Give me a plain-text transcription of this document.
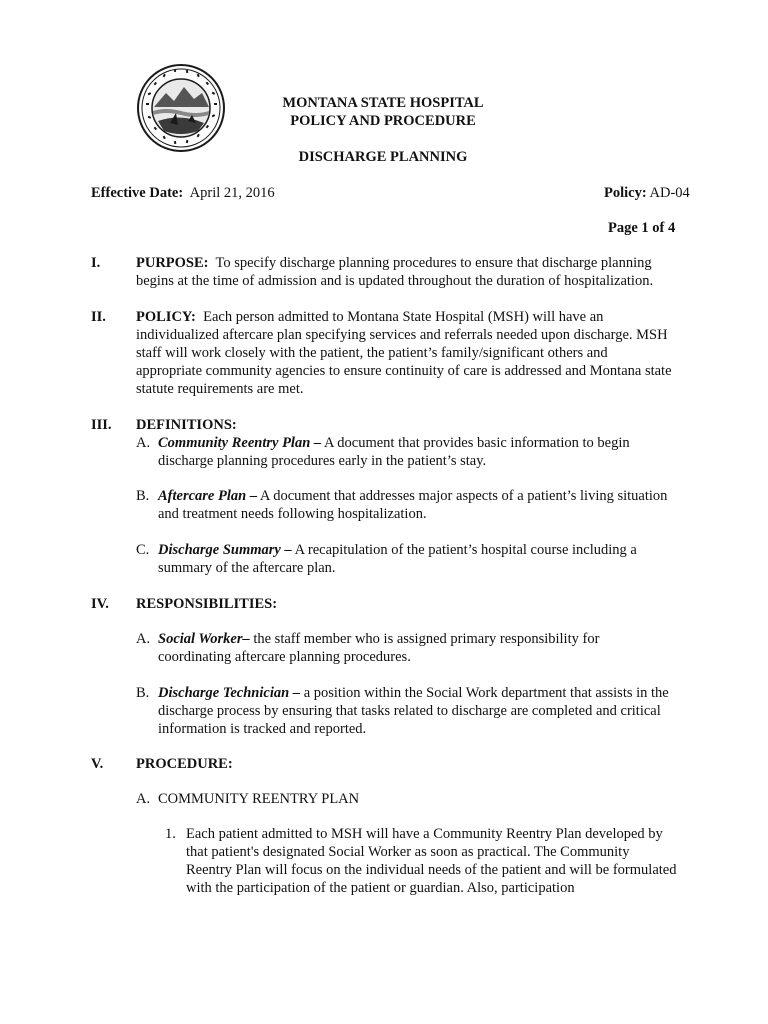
MONTANA STATE HOSPITAL
POLICY AND PROCEDURE
DISCHARGE PLANNING
Effective Date: April 21, 2016	Policy: AD-04
Page 1 of 4
I. PURPOSE: To specify discharge planning procedures to ensure that discharge planning begins at the time of admission and is updated throughout the duration of hospitalization.
II. POLICY: Each person admitted to Montana State Hospital (MSH) will have an individualized aftercare plan specifying services and referrals needed upon discharge. MSH staff will work closely with the patient, the patient’s family/significant others and appropriate community agencies to ensure continuity of care is addressed and Montana state statute requirements are met.
III. DEFINITIONS:
A. Community Reentry Plan – A document that provides basic information to begin discharge planning procedures early in the patient’s stay.
B. Aftercare Plan – A document that addresses major aspects of a patient’s living situation and treatment needs following hospitalization.
C. Discharge Summary – A recapitulation of the patient’s hospital course including a summary of the aftercare plan.
IV. RESPONSIBILITIES:
A. Social Worker– the staff member who is assigned primary responsibility for coordinating aftercare planning procedures.
B. Discharge Technician – a position within the Social Work department that assists in the discharge process by ensuring that tasks related to discharge are completed and critical information is tracked and reported.
V. PROCEDURE:
A. COMMUNITY REENTRY PLAN
1. Each patient admitted to MSH will have a Community Reentry Plan developed by that patient's designated Social Worker as soon as practical. The Community Reentry Plan will focus on the individual needs of the patient and will be formulated with the participation of the patient or guardian. Also, participation
